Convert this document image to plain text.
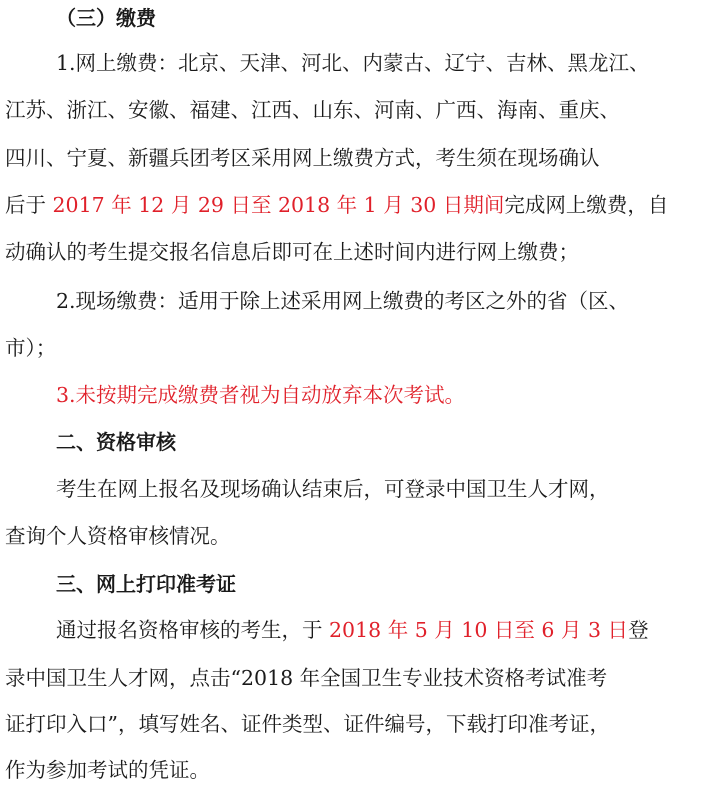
（三）缴费
1.网上缴费：北京、天津、河北、内蒙古、辽宁、吉林、黑龙江、
江苏、浙江、安徽、福建、江西、山东、河南、广西、海南、重庆、
四川、宁夏、新疆兵团考区采用网上缴费方式，考生须在现场确认
后于 2017 年 12 月 29 日至 2018 年 1 月 30 日期间完成网上缴费，自
动确认的考生提交报名信息后即可在上述时间内进行网上缴费；
2.现场缴费：适用于除上述采用网上缴费的考区之外的省（区、
市）；
3.未按期完成缴费者视为自动放弃本次考试。
二、资格审核
考生在网上报名及现场确认结束后，可登录中国卫生人才网，
查询个人资格审核情况。
三、网上打印准考证
通过报名资格审核的考生，于 2018 年 5 月 10 日至 6 月 3 日登
录中国卫生人才网，点击“2018 年全国卫生专业技术资格考试准考
证打印入口”，填写姓名、证件类型、证件编号，下载打印准考证，
作为参加考试的凭证。
